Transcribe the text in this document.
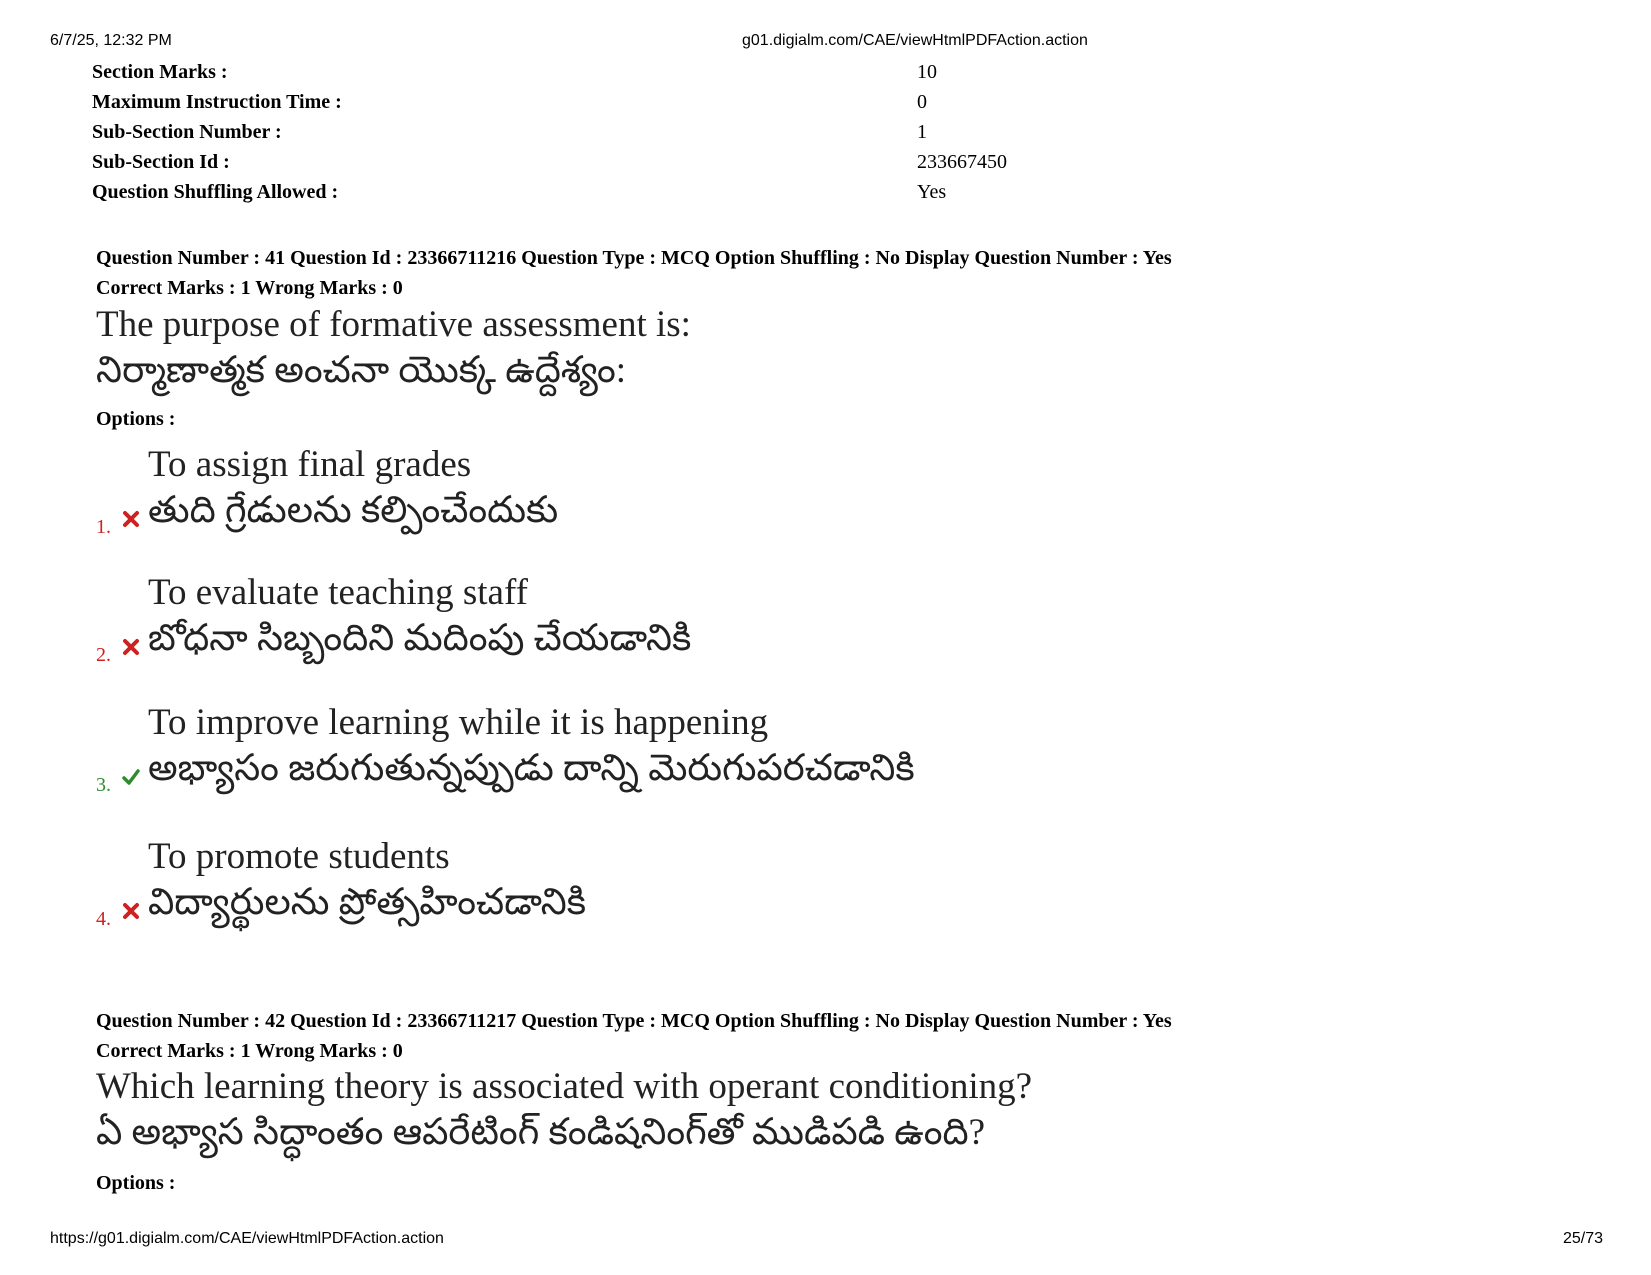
6/7/25, 12:32 PM	g01.digialm.com/CAE/viewHtmlPDFAction.action
Section Marks :	10
Maximum Instruction Time :	0
Sub-Section Number :	1
Sub-Section Id :	233667450
Question Shuffling Allowed :	Yes
Question Number : 41 Question Id : 23366711216 Question Type : MCQ Option Shuffling : No Display Question Number : Yes
Correct Marks : 1 Wrong Marks : 0
The purpose of formative assessment is:
నిర్మాణాత్మక అంచనా యొక్క ఉద్దేశ్యం:
Options :
1.
To assign final grades
తుది గ్రేడులను కల్పించేందుకు
2.
To evaluate teaching staff
బోధనా సిబ్బందిని మదింపు చేయడానికి
3.
To improve learning while it is happening
అభ్యాసం జరుగుతున్నప్పుడు దాన్ని మెరుగుపరచడానికి
4.
To promote students
విద్యార్థులను ప్రోత్సహించడానికి
Question Number : 42 Question Id : 23366711217 Question Type : MCQ Option Shuffling : No Display Question Number : Yes
Correct Marks : 1 Wrong Marks : 0
Which learning theory is associated with operant conditioning?
ఏ అభ్యాస సిద్ధాంతం ఆపరేటింగ్ కండిషనింగ్‌తో ముడిపడి ఉంది?
Options :
https://g01.digialm.com/CAE/viewHtmlPDFAction.action	25/73
